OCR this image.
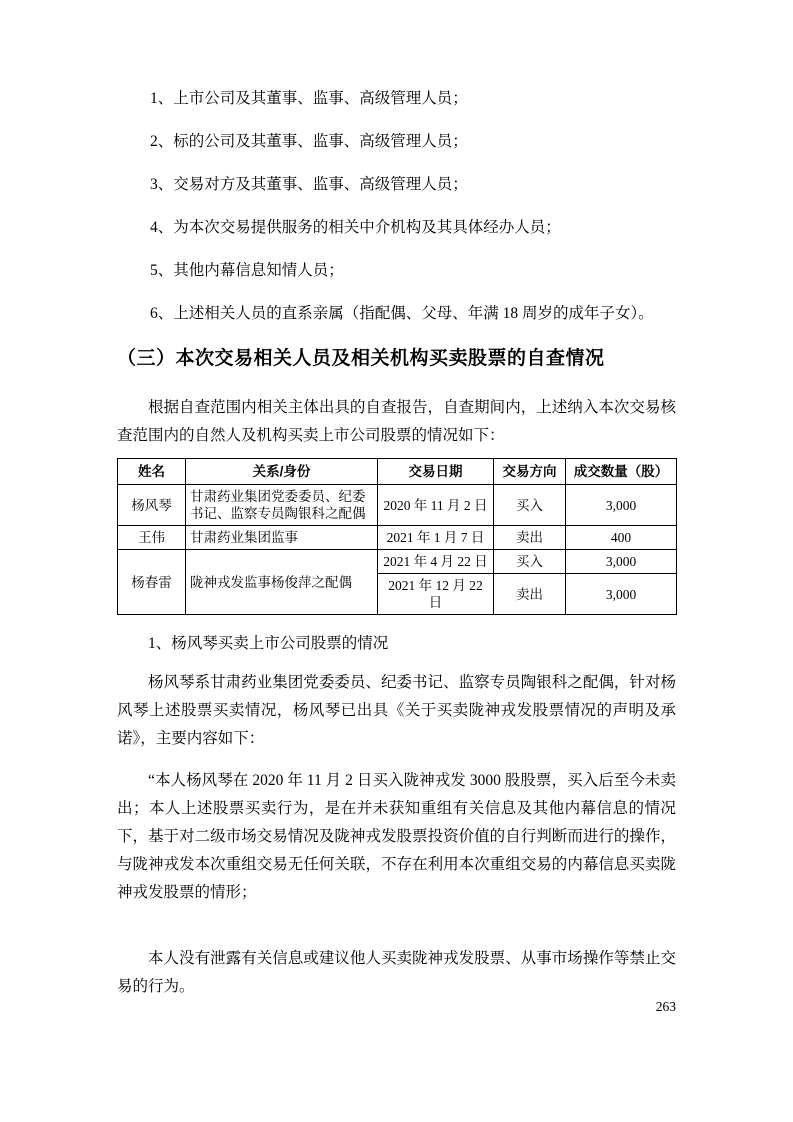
1、上市公司及其董事、监事、高级管理人员；
2、标的公司及其董事、监事、高级管理人员；
3、交易对方及其董事、监事、高级管理人员；
4、为本次交易提供服务的相关中介机构及其具体经办人员；
5、其他内幕信息知情人员；
6、上述相关人员的直系亲属（指配偶、父母、年满 18 周岁的成年子女）。
（三）本次交易相关人员及相关机构买卖股票的自查情况

根据自查范围内相关主体出具的自查报告，自查期间内，上述纳入本次交易核查范围内的自然人及机构买卖上市公司股票的情况如下：

姓名	关系/身份	交易日期	交易方向	成交数量（股）
杨风琴	甘肃药业集团党委委员、纪委书记、监察专员陶银科之配偶	2020 年 11 月 2 日	买入	3,000
王伟	甘肃药业集团监事	2021 年 1 月 7 日	卖出	400
杨春雷	陇神戎发监事杨俊萍之配偶	2021 年 4 月 22 日	买入	3,000
		2021 年 12 月 22 日	卖出	3,000

1、杨风琴买卖上市公司股票的情况

杨风琴系甘肃药业集团党委委员、纪委书记、监察专员陶银科之配偶，针对杨风琴上述股票买卖情况，杨风琴已出具《关于买卖陇神戎发股票情况的声明及承诺》，主要内容如下：

“本人杨风琴在 2020 年 11 月 2 日买入陇神戎发 3000 股股票，买入后至今未卖出；本人上述股票买卖行为，是在并未获知重组有关信息及其他内幕信息的情况下，基于对二级市场交易情况及陇神戎发股票投资价值的自行判断而进行的操作，与陇神戎发本次重组交易无任何关联，不存在利用本次重组交易的内幕信息买卖陇神戎发股票的情形；

本人没有泄露有关信息或建议他人买卖陇神戎发股票、从事市场操作等禁止交易的行为。

263
